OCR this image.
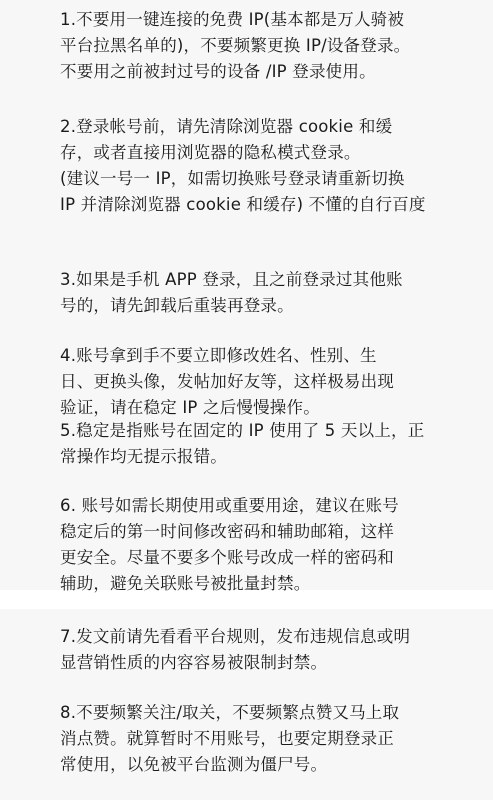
1.不要用一键连接的免费 IP(基本都是万人骑被
平台拉黑名单的)，不要频繁更换 IP/设备登录。
不要用之前被封过号的设备 /IP 登录使用。

2.登录帐号前，请先清除浏览器 cookie 和缓
存，或者直接用浏览器的隐私模式登录。
(建议一号一 IP，如需切换账号登录请重新切换
IP 并清除浏览器 cookie 和缓存) 不懂的自行百度

3.如果是手机 APP 登录，且之前登录过其他账
号的，请先卸载后重装再登录。

4.账号拿到手不要立即修改姓名、性别、生
日、更换头像，发帖加好友等，这样极易出现
验证，请在稳定 IP 之后慢慢操作。

5.稳定是指账号在固定的 IP 使用了 5 天以上，正
常操作均无提示报错。

6. 账号如需长期使用或重要用途，建议在账号
稳定后的第一时间修改密码和辅助邮箱，这样
更安全。尽量不要多个账号改成一样的密码和
辅助，避免关联账号被批量封禁。

7.发文前请先看看平台规则，发布违规信息或明
显营销性质的内容容易被限制封禁。

8.不要频繁关注/取关，不要频繁点赞又马上取
消点赞。就算暂时不用账号，也要定期登录正
常使用，以免被平台监测为僵尸号。
